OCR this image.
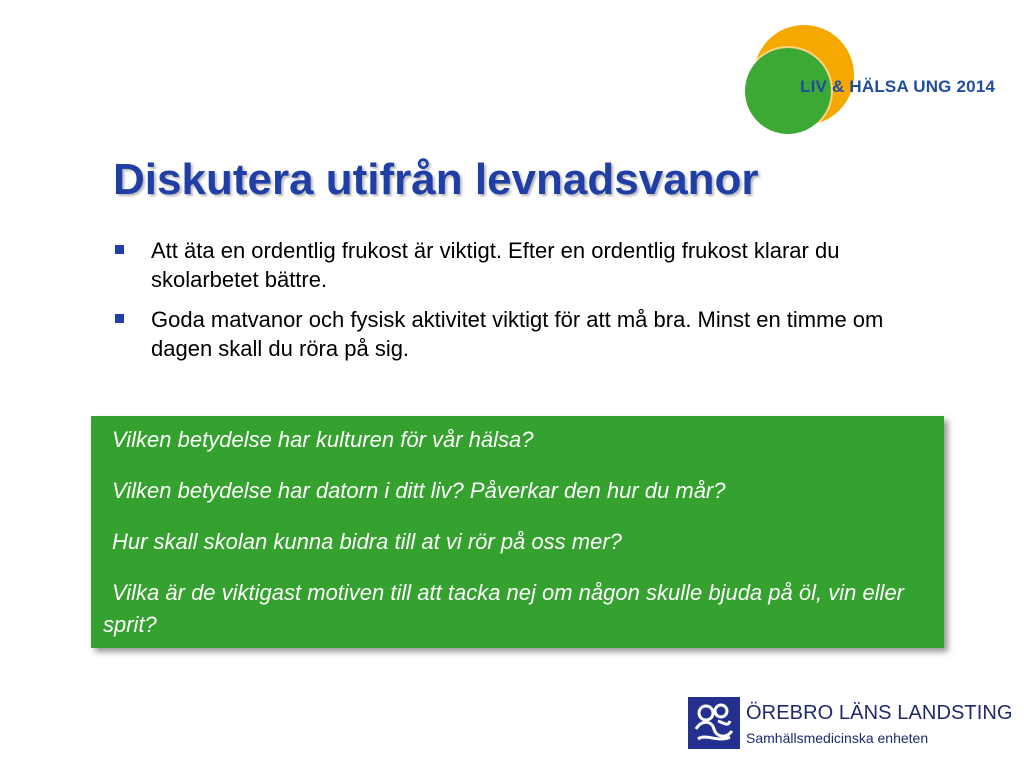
LIV & HÄLSA UNG 2014
Diskutera utifrån levnadsvanor
Att äta en ordentlig frukost är viktigt. Efter en ordentlig frukost klarar du skolarbetet bättre.
Goda matvanor och fysisk aktivitet viktigt för att må bra. Minst en timme om dagen skall du röra på sig.
Vilken betydelse har kulturen för vår hälsa?
Vilken betydelse har datorn i ditt liv? Påverkar den hur du mår?
Hur skall skolan kunna bidra till at vi rör på oss mer?
Vilka är de viktigast motiven till att tacka nej om någon skulle bjuda på öl, vin eller sprit?
ÖREBRO LÄNS LANDSTING
Samhällsmedicinska enheten
